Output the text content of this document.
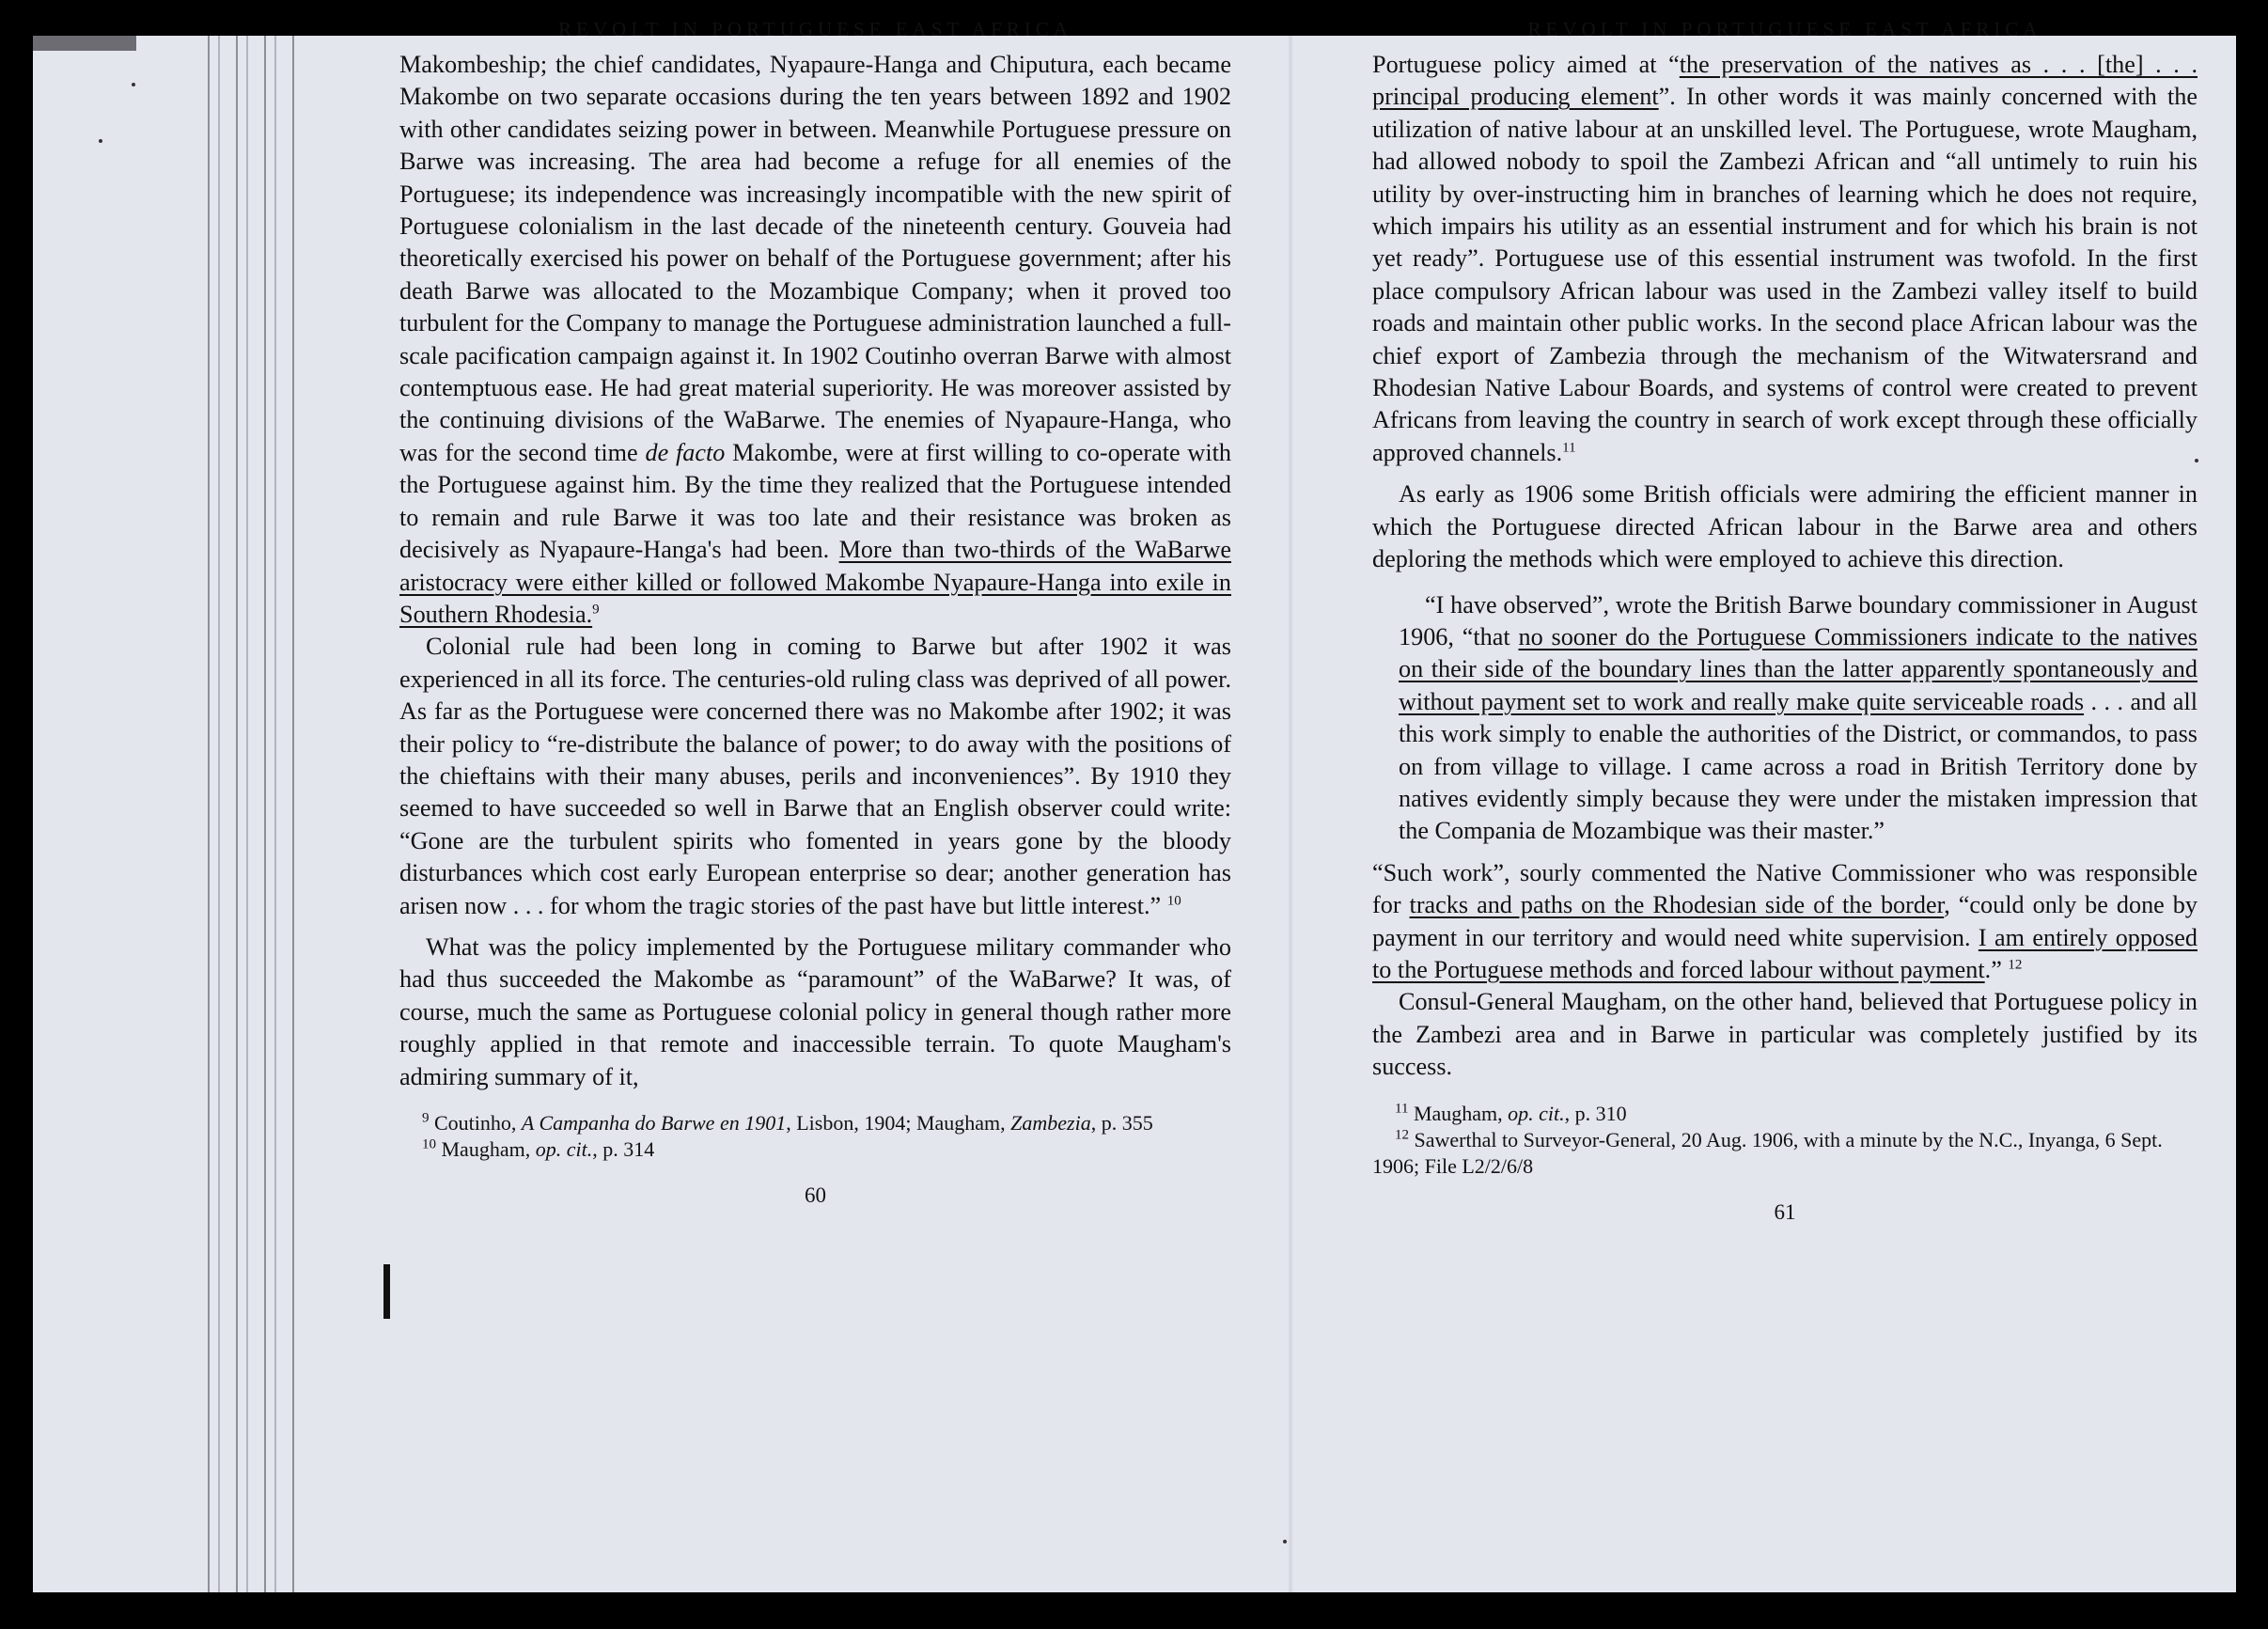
REVOLT IN PORTUGUESE EAST AFRICA

Makombeship; the chief candidates, Nyapaure-Hanga and Chiputura, each became Makombe on two separate occasions during the ten years between 1892 and 1902 with other candidates seizing power in between. Meanwhile Portuguese pressure on Barwe was increasing. The area had become a refuge for all enemies of the Portuguese; its independence was increasingly incompatible with the new spirit of Portuguese colonialism in the last decade of the nineteenth century. Gouveia had theoretically exercised his power on behalf of the Portuguese government; after his death Barwe was allocated to the Mozambique Company; when it proved too turbulent for the Company to manage the Portuguese administration launched a full-scale pacification campaign against it. In 1902 Coutinho overran Barwe with almost contemptuous ease. He had great material superiority. He was moreover assisted by the continuing divisions of the WaBarwe. The enemies of Nyapaure-Hanga, who was for the second time de facto Makombe, were at first willing to co-operate with the Portuguese against him. By the time they realized that the Portuguese intended to remain and rule Barwe it was too late and their resistance was broken as decisively as Nyapaure-Hanga's had been. More than two-thirds of the WaBarwe aristocracy were either killed or followed Makombe Nyapaure-Hanga into exile in Southern Rhodesia.$^9$

Colonial rule had been long in coming to Barwe but after 1902 it was experienced in all its force. The centuries-old ruling class was deprived of all power. As far as the Portuguese were concerned there was no Makombe after 1902; it was their policy to “re-distribute the balance of power; to do away with the positions of the chieftains with their many abuses, perils and inconveniences”. By 1910 they seemed to have succeeded so well in Barwe that an English observer could write: “Gone are the turbulent spirits who fomented in years gone by the bloody disturbances which cost early European enterprise so dear; another generation has arisen now . . . for whom the tragic stories of the past have but little interest.” $^{10}$

What was the policy implemented by the Portuguese military commander who had thus succeeded the Makombe as “paramount” of the WaBarwe? It was, of course, much the same as Portuguese colonial policy in general though rather more roughly applied in that remote and inaccessible terrain. To quote Maugham's admiring summary of it,

$^9$ Coutinho, A Campanha do Barwe en 1901, Lisbon, 1904; Maugham, Zambezia, p. 355

$^{10}$ Maugham, op. cit., p. 314

60
REVOLT IN PORTUGUESE EAST AFRICA

Portuguese policy aimed at “the preservation of the natives as . . . [the] . . . principal producing element”. In other words it was mainly concerned with the utilization of native labour at an unskilled level. The Portuguese, wrote Maugham, had allowed nobody to spoil the Zambezi African and “all untimely to ruin his utility by over-instructing him in branches of learning which he does not require, which impairs his utility as an essential instrument and for which his brain is not yet ready”. Portuguese use of this essential instrument was twofold. In the first place compulsory African labour was used in the Zambezi valley itself to build roads and maintain other public works. In the second place African labour was the chief export of Zambezia through the mechanism of the Witwatersrand and Rhodesian Native Labour Boards, and systems of control were created to prevent Africans from leaving the country in search of work except through these officially approved channels.$^{11}$

As early as 1906 some British officials were admiring the efficient manner in which the Portuguese directed African labour in the Barwe area and others deploring the methods which were employed to achieve this direction.

“I have observed”, wrote the British Barwe boundary commissioner in August 1906, “that no sooner do the Portuguese Commissioners indicate to the natives on their side of the boundary lines than the latter apparently spontaneously and without payment set to work and really make quite serviceable roads . . . and all this work simply to enable the authorities of the District, or commandos, to pass on from village to village. I came across a road in British Territory done by natives evidently simply because they were under the mistaken impression that the Compania de Mozambique was their master.”

“Such work”, sourly commented the Native Commissioner who was responsible for tracks and paths on the Rhodesian side of the border, “could only be done by payment in our territory and would need white supervision. I am entirely opposed to the Portuguese methods and forced labour without payment.” $^{12}$

Consul-General Maugham, on the other hand, believed that Portuguese policy in the Zambezi area and in Barwe in particular was completely justified by its success.

$^{11}$ Maugham, op. cit., p. 310

$^{12}$ Sawerthal to Surveyor-General, 20 Aug. 1906, with a minute by the N.C., Inyanga, 6 Sept. 1906; File L2/2/6/8

61
